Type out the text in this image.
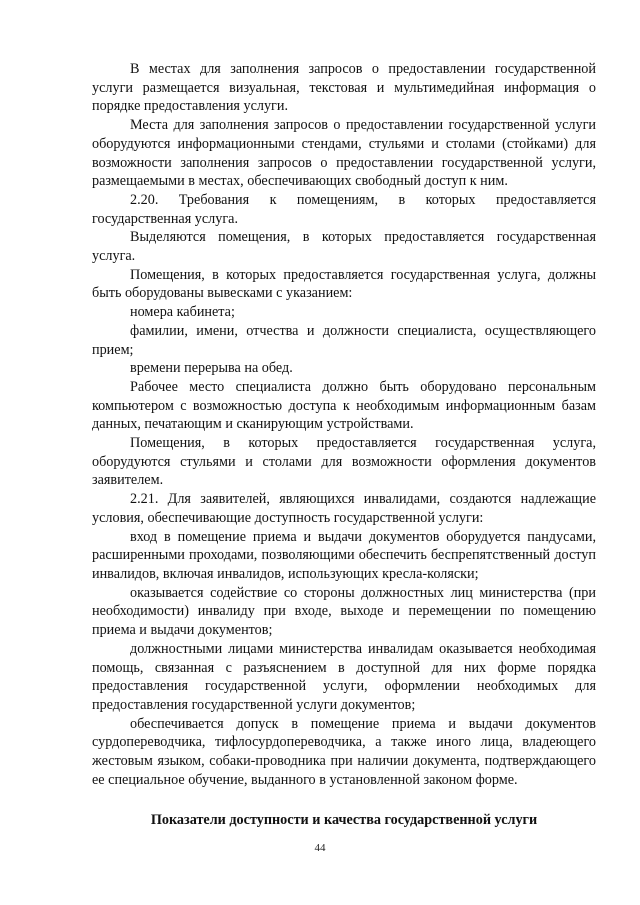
В местах для заполнения запросов о предоставлении государственной услуги размещается визуальная, текстовая и мультимедийная информация о порядке предоставления услуги.

Места для заполнения запросов о предоставлении государственной услуги оборудуются информационными стендами, стульями и столами (стойками) для возможности заполнения запросов о предоставлении государственной услуги, размещаемыми в местах, обеспечивающих свободный доступ к ним.

2.20. Требования к помещениям, в которых предоставляется государственная услуга.

Выделяются помещения, в которых предоставляется государственная услуга.

Помещения, в которых предоставляется государственная услуга, должны быть оборудованы вывесками с указанием:

номера кабинета;

фамилии, имени, отчества и должности специалиста, осуществляющего прием;

времени перерыва на обед.

Рабочее место специалиста должно быть оборудовано персональным компьютером с возможностью доступа к необходимым информационным базам данных, печатающим и сканирующим устройствами.

Помещения, в которых предоставляется государственная услуга, оборудуются стульями и столами для возможности оформления документов заявителем.

2.21. Для заявителей, являющихся инвалидами, создаются надлежащие условия, обеспечивающие доступность государственной услуги:

вход в помещение приема и выдачи документов оборудуется пандусами, расширенными проходами, позволяющими обеспечить беспрепятственный доступ инвалидов, включая инвалидов, использующих кресла-коляски;

оказывается содействие со стороны должностных лиц министерства (при необходимости) инвалиду при входе, выходе и перемещении по помещению приема и выдачи документов;

должностными лицами министерства инвалидам оказывается необходимая помощь, связанная с разъяснением в доступной для них форме порядка предоставления государственной услуги, оформлении необходимых для предоставления государственной услуги документов;

обеспечивается допуск в помещение приема и выдачи документов сурдопереводчика, тифлосурдопереводчика, а также иного лица, владеющего жестовым языком, собаки-проводника при наличии документа, подтверждающего ее специальное обучение, выданного в установленной законом форме.

Показатели доступности и качества государственной услуги

44
